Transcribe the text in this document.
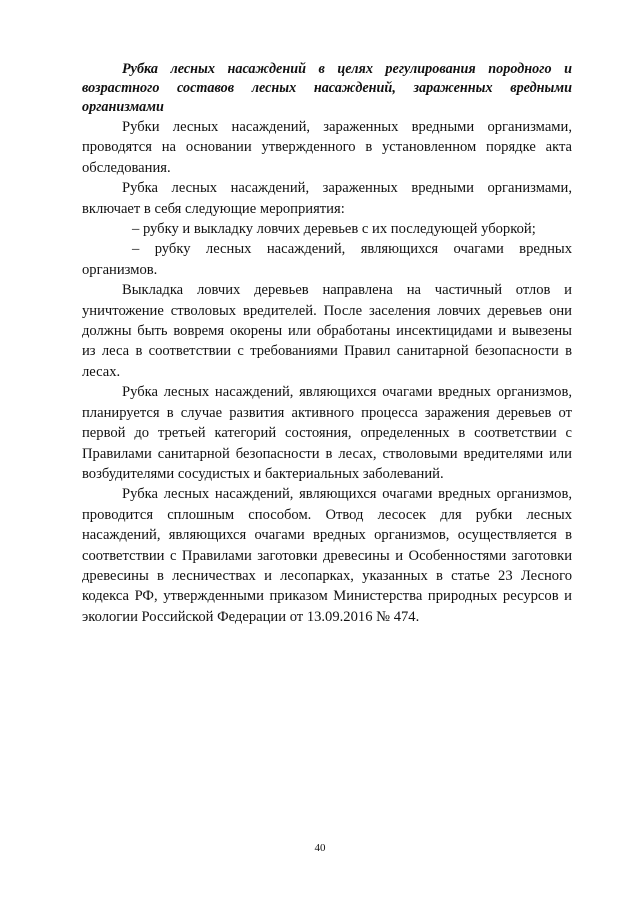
Рубка лесных насаждений в целях регулирования породного и возрастного составов лесных насаждений, зараженных вредными организмами

Рубки лесных насаждений, зараженных вредными организмами, проводятся на основании утвержденного в установленном порядке акта обследования.

Рубка лесных насаждений, зараженных вредными организмами, включает в себя следующие мероприятия:

– рубку и выкладку ловчих деревьев с их последующей уборкой;

– рубку лесных насаждений, являющихся очагами вредных организмов.

Выкладка ловчих деревьев направлена на частичный отлов и уничтожение стволовых вредителей. После заселения ловчих деревьев они должны быть вовремя окорены или обработаны инсектицидами и вывезены из леса в соответствии с требованиями Правил санитарной безопасности в лесах.

Рубка лесных насаждений, являющихся очагами вредных организмов, планируется в случае развития активного процесса заражения деревьев от первой до третьей категорий состояния, определенных в соответствии с Правилами санитарной безопасности в лесах, стволовыми вредителями или возбудителями сосудистых и бактериальных заболеваний.

Рубка лесных насаждений, являющихся очагами вредных организмов, проводится сплошным способом. Отвод лесосек для рубки лесных насаждений, являющихся очагами вредных организмов, осуществляется в соответствии с Правилами заготовки древесины и Особенностями заготовки древесины в лесничествах и лесопарках, указанных в статье 23 Лесного кодекса РФ, утвержденными приказом Министерства природных ресурсов и экологии Российской Федерации от 13.09.2016 № 474.

40
